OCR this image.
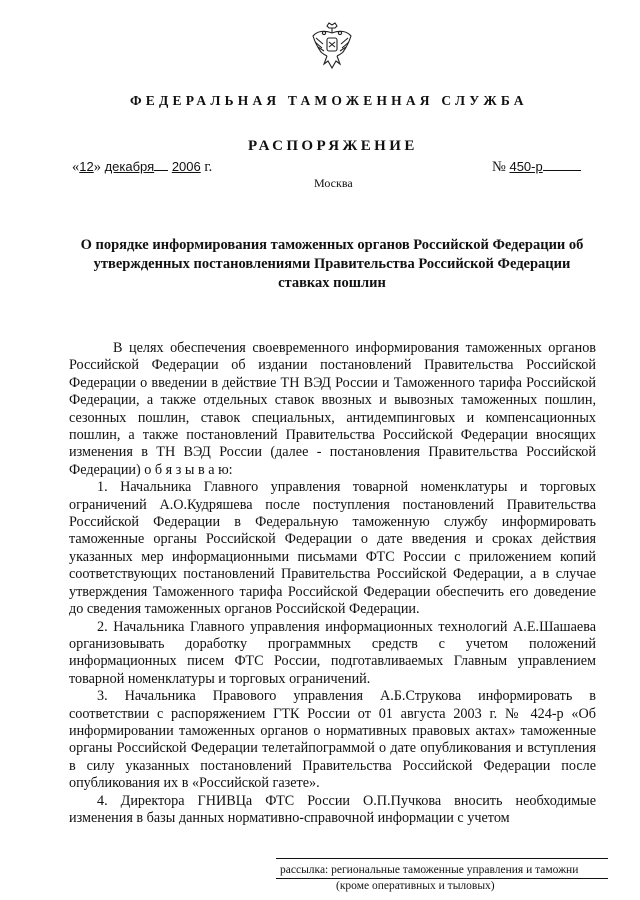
ФЕДЕРАЛЬНАЯ ТАМОЖЕННАЯ СЛУЖБА
РАСПОРЯЖЕНИЕ
«12» декабря 2006 г.	№ 450-р
Москва
О порядке информирования таможенных органов Российской Федерации об
утвержденных постановлениями Правительства Российской Федерации
ставках пошлин

В целях обеспечения своевременного информирования таможенных органов Российской Федерации об издании постановлений Правительства Российской Федерации о введении в действие ТН ВЭД России и Таможенного тарифа Российской Федерации, а также отдельных ставок ввозных и вывозных таможенных пошлин, сезонных пошлин, ставок специальных, антидемпинговых и компенсационных пошлин, а также постановлений Правительства Российской Федерации вносящих изменения в ТН ВЭД России (далее - постановления Правительства Российской Федерации) о б я з ы в а ю:

1. Начальника Главного управления товарной номенклатуры и торговых ограничений А.О.Кудряшева после поступления постановлений Правительства Российской Федерации в Федеральную таможенную службу информировать таможенные органы Российской Федерации о дате введения и сроках действия указанных мер информационными письмами ФТС России с приложением копий соответствующих постановлений Правительства Российской Федерации, а в случае утверждения Таможенного тарифа Российской Федерации обеспечить его доведение до сведения таможенных органов Российской Федерации.

2. Начальника Главного управления информационных технологий А.Е.Шашаева организовывать доработку программных средств с учетом положений информационных писем ФТС России, подготавливаемых Главным управлением товарной номенклатуры и торговых ограничений.

3. Начальника Правового управления А.Б.Струкова информировать в соответствии с распоряжением ГТК России от 01 августа 2003 г. № 424-р «Об информировании таможенных органов о нормативных правовых актах» таможенные органы Российской Федерации телетайпограммой о дате опубликования и вступления в силу указанных постановлений Правительства Российской Федерации после опубликования их в «Российской газете».

4. Директора ГНИВЦа ФТС России О.П.Пучкова вносить необходимые изменения в базы данных нормативно-справочной информации с учетом

рассылка: региональные таможенные управления и таможни
(кроме оперативных и тыловых)
